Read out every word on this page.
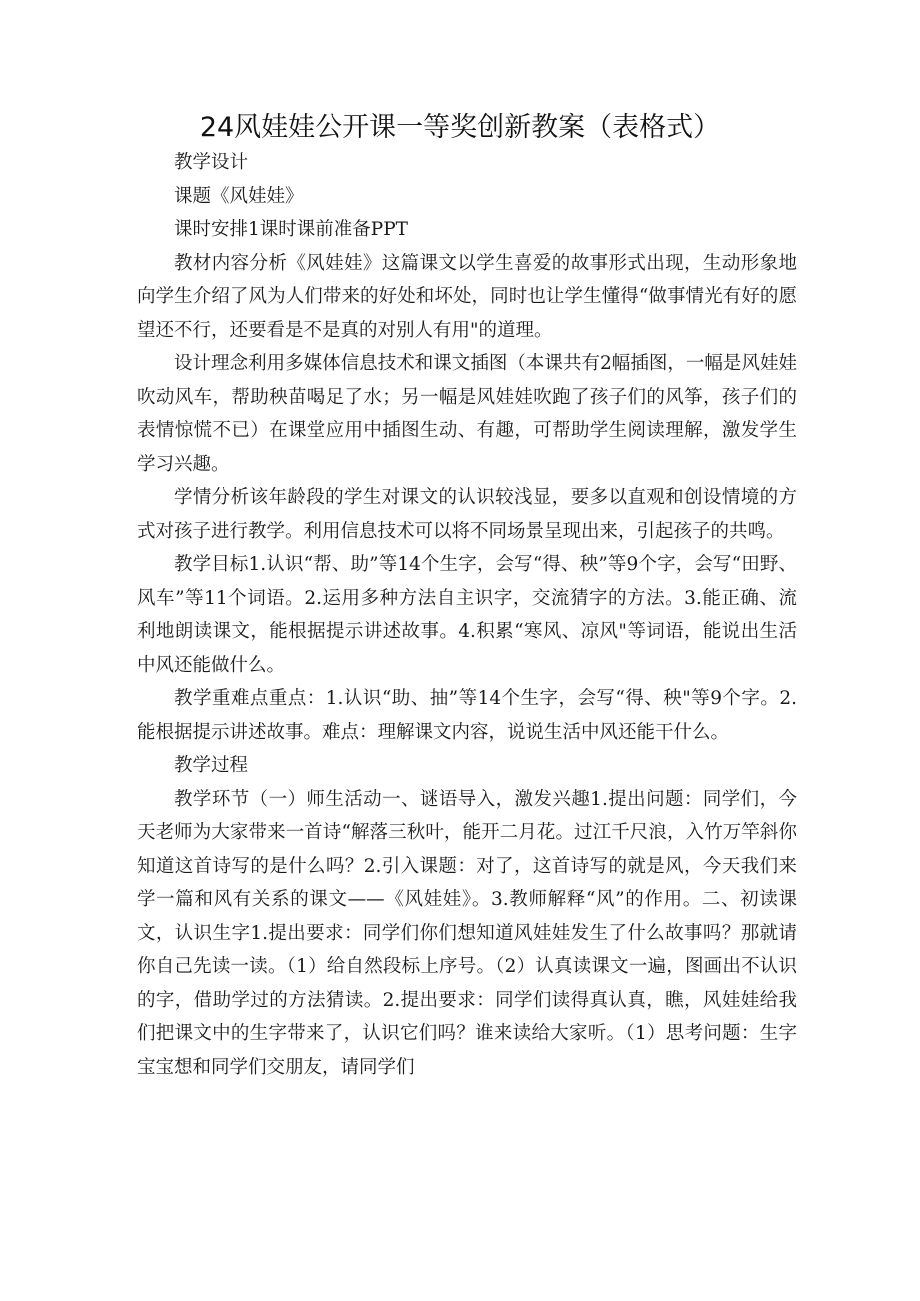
24风娃娃公开课一等奖创新教案（表格式）

教学设计

课题《风娃娃》

课时安排1课时课前准备PPT

教材内容分析《风娃娃》这篇课文以学生喜爱的故事形式出现，生动形象地向学生介绍了风为人们带来的好处和坏处，同时也让学生懂得“做事情光有好的愿望还不行，还要看是不是真的对别人有用"的道理。

设计理念利用多媒体信息技术和课文插图（本课共有2幅插图，一幅是风娃娃吹动风车，帮助秧苗喝足了水；另一幅是风娃娃吹跑了孩子们的风筝，孩子们的表情惊慌不已）在课堂应用中插图生动、有趣，可帮助学生阅读理解，激发学生学习兴趣。

学情分析该年龄段的学生对课文的认识较浅显，要多以直观和创设情境的方式对孩子进行教学。利用信息技术可以将不同场景呈现出来，引起孩子的共鸣。

教学目标1.认识“帮、助”等14个生字，会写“得、秧”等9个字，会写“田野、风车”等11个词语。2.运用多种方法自主识字，交流猜字的方法。3.能正确、流利地朗读课文，能根据提示讲述故事。4.积累“寒风、凉风"等词语，能说出生活中风还能做什么。

教学重难点重点：1.认识“助、抽”等14个生字，会写“得、秧"等9个字。2.能根据提示讲述故事。难点：理解课文内容，说说生活中风还能干什么。

教学过程

教学环节（一）师生活动一、谜语导入，激发兴趣1.提出问题：同学们，今天老师为大家带来一首诗“解落三秋叶，能开二月花。过江千尺浪，入竹万竿斜你知道这首诗写的是什么吗？2.引入课题：对了，这首诗写的就是风，今天我们来学一篇和风有关系的课文——《风娃娃》。3.教师解释“风”的作用。二、初读课文，认识生字1.提出要求：同学们你们想知道风娃娃发生了什么故事吗？那就请你自己先读一读。（1）给自然段标上序号。（2）认真读课文一遍，图画出不认识的字，借助学过的方法猜读。2.提出要求：同学们读得真认真，瞧，风娃娃给我们把课文中的生字带来了，认识它们吗？谁来读给大家听。（1）思考问题：生字宝宝想和同学们交朋友，请同学们
